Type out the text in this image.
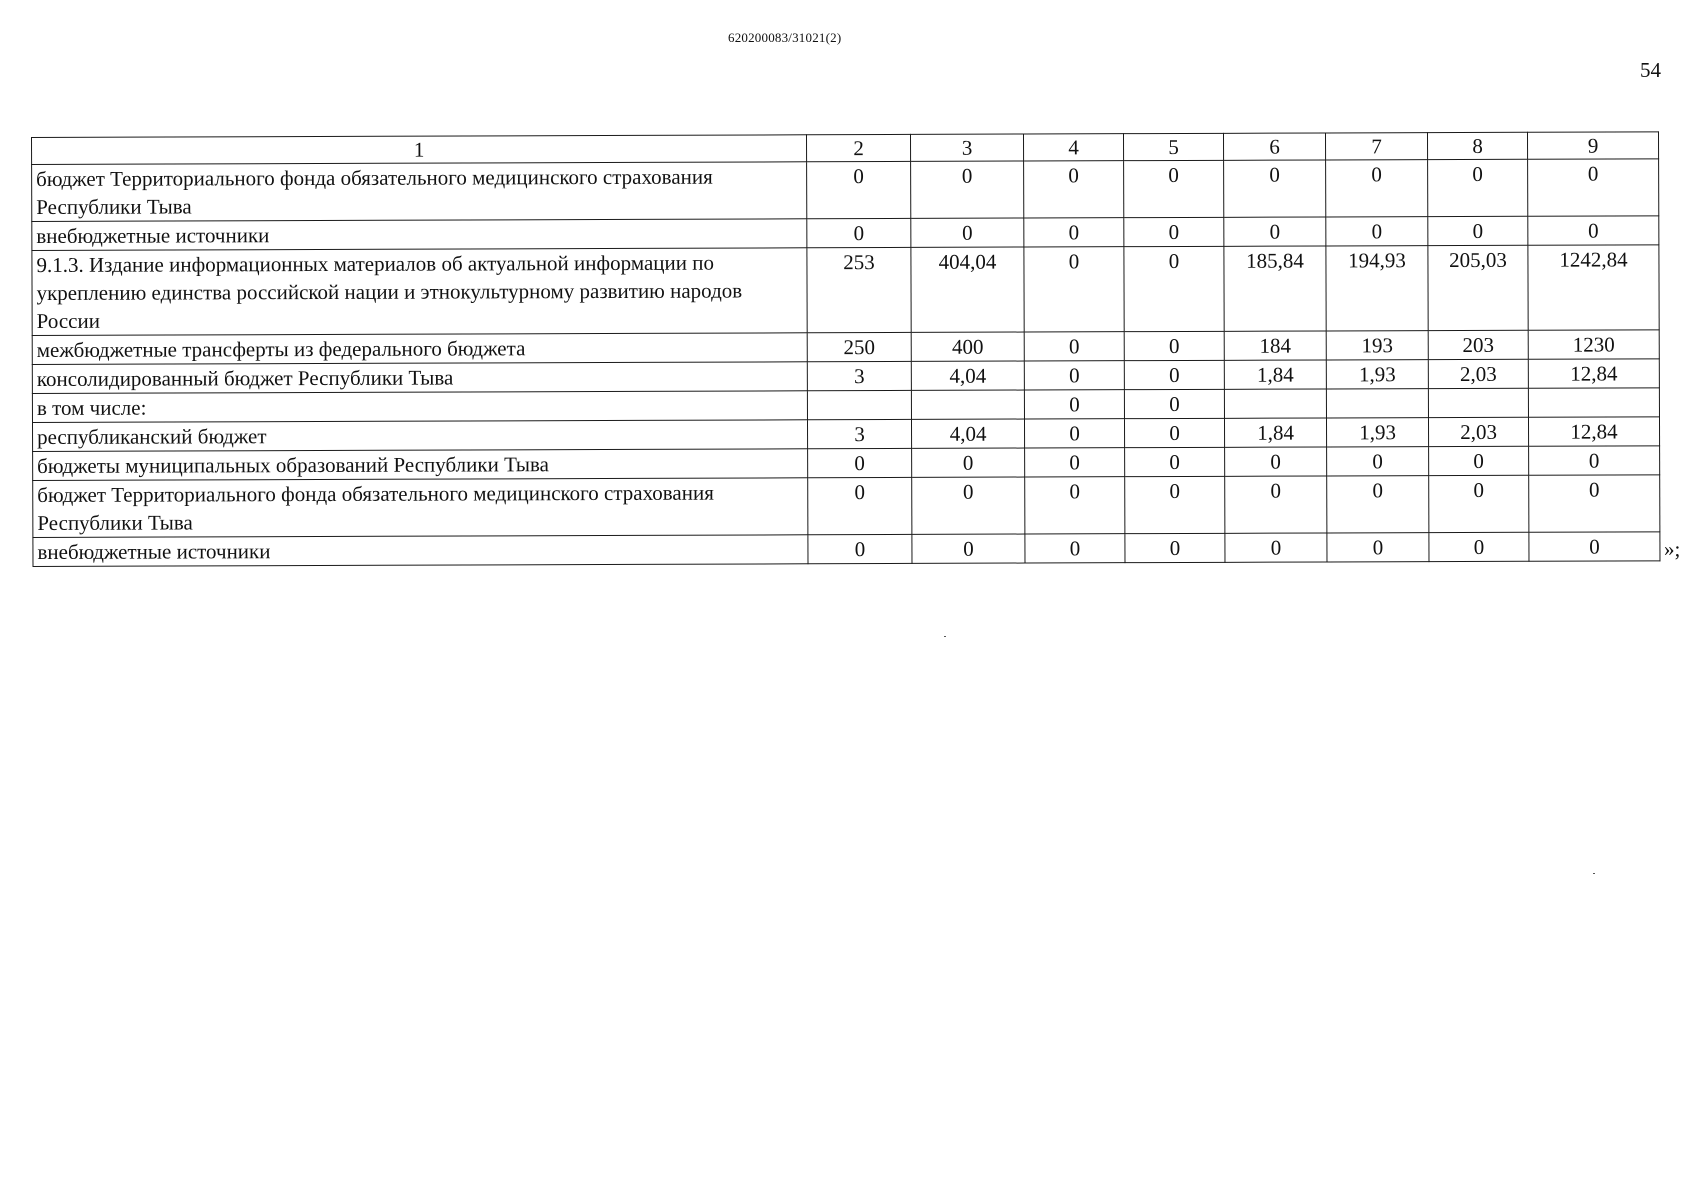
620200083/31021(2)
54
1	2	3	4	5	6	7	8	9
бюджет Территориального фонда обязательного медицинского страхования Республики Тыва	0	0	0	0	0	0	0	0
внебюджетные источники	0	0	0	0	0	0	0	0
9.1.3. Издание информационных материалов об актуальной информации по укреплению единства российской нации и этнокультурному развитию народов России	253	404,04	0	0	185,84	194,93	205,03	1242,84
межбюджетные трансферты из федерального бюджета	250	400	0	0	184	193	203	1230
консолидированный бюджет Республики Тыва	3	4,04	0	0	1,84	1,93	2,03	12,84
в том числе:			0	0				
республиканский бюджет	3	4,04	0	0	1,84	1,93	2,03	12,84
бюджеты муниципальных образований Республики Тыва	0	0	0	0	0	0	0	0
бюджет Территориального фонда обязательного медицинского страхования Республики Тыва	0	0	0	0	0	0	0	0
внебюджетные источники	0	0	0	0	0	0	0	0	»;
